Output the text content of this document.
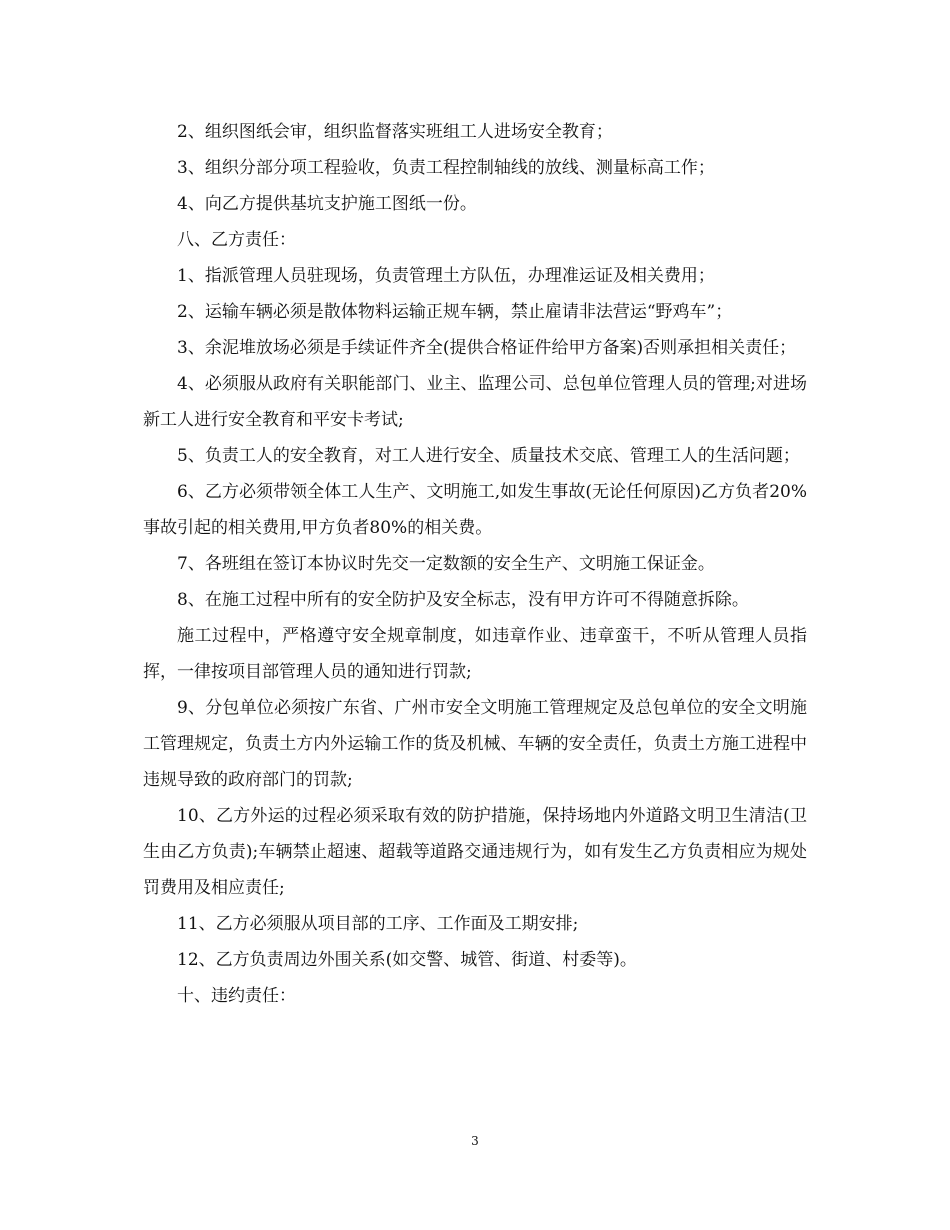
2、组织图纸会审，组织监督落实班组工人进场安全教育；

3、组织分部分项工程验收，负责工程控制轴线的放线、测量标高工作；

4、向乙方提供基坑支护施工图纸一份。

八、乙方责任：

1、指派管理人员驻现场，负责管理土方队伍，办理准运证及相关费用；

2、运输车辆必须是散体物料运输正规车辆，禁止雇请非法营运“野鸡车”；

3、余泥堆放场必须是手续证件齐全(提供合格证件给甲方备案)否则承担相关责任；

4、必须服从政府有关职能部门、业主、监理公司、总包单位管理人员的管理;对进场新工人进行安全教育和平安卡考试;

5、负责工人的安全教育，对工人进行安全、质量技术交底、管理工人的生活问题；

6、乙方必须带领全体工人生产、文明施工,如发生事故(无论任何原因)乙方负者20%事故引起的相关费用,甲方负者80%的相关费。

7、各班组在签订本协议时先交一定数额的安全生产、文明施工保证金。

8、在施工过程中所有的安全防护及安全标志，没有甲方许可不得随意拆除。

施工过程中，严格遵守安全规章制度，如违章作业、违章蛮干，不听从管理人员指挥，一律按项目部管理人员的通知进行罚款;

9、分包单位必须按广东省、广州市安全文明施工管理规定及总包单位的安全文明施工管理规定，负责土方内外运输工作的货及机械、车辆的安全责任，负责土方施工进程中违规导致的政府部门的罚款;

10、乙方外运的过程必须采取有效的防护措施，保持场地内外道路文明卫生清洁(卫生由乙方负责);车辆禁止超速、超载等道路交通违规行为，如有发生乙方负责相应为规处罚费用及相应责任;

11、乙方必须服从项目部的工序、工作面及工期安排;

12、乙方负责周边外围关系(如交警、城管、街道、村委等)。

十、违约责任：

3
